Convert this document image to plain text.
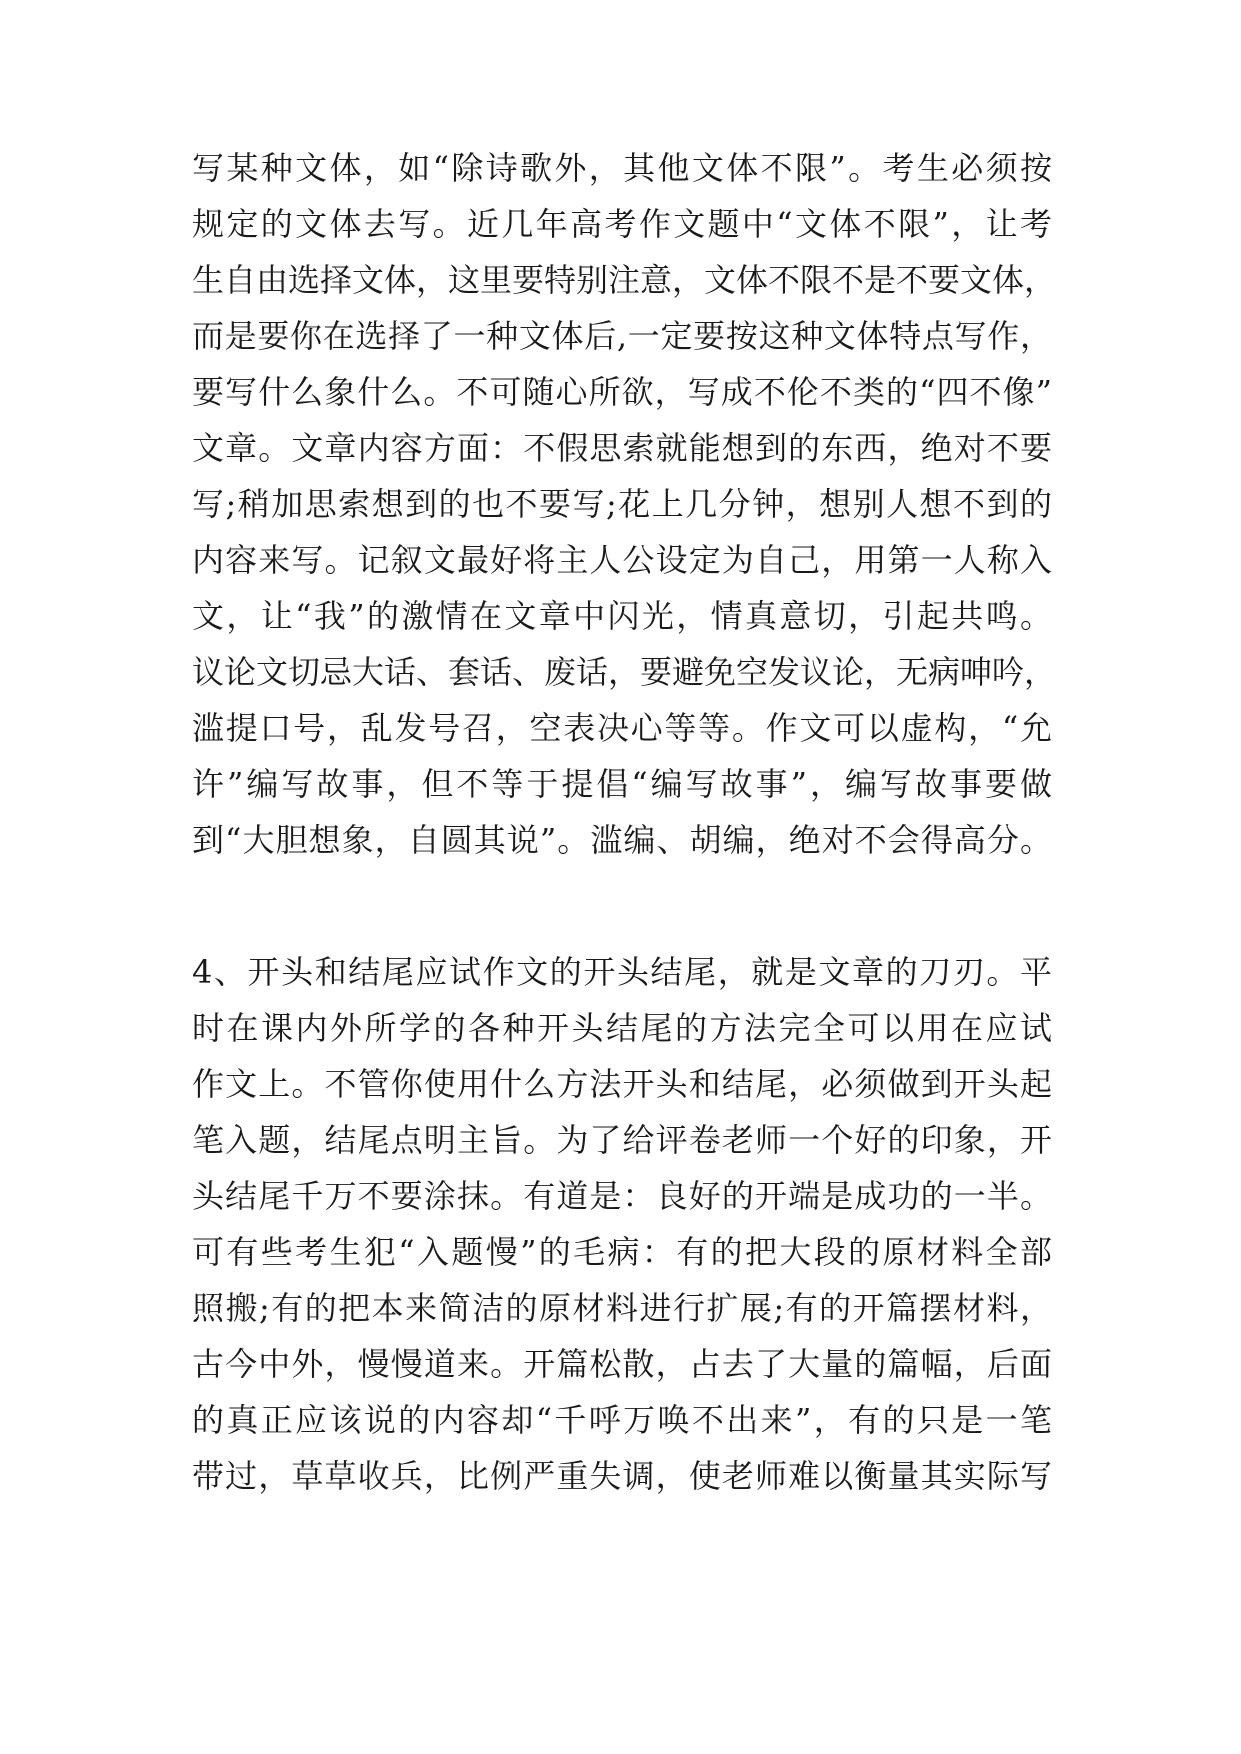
写某种文体，如“除诗歌外，其他文体不限”。考生必须按
规定的文体去写。近几年高考作文题中“文体不限”，让考
生自由选择文体，这里要特别注意，文体不限不是不要文体，
而是要你在选择了一种文体后,一定要按这种文体特点写作，
要写什么象什么。不可随心所欲，写成不伦不类的“四不像”
文章。文章内容方面：不假思索就能想到的东西，绝对不要
写;稍加思索想到的也不要写;花上几分钟，想别人想不到的
内容来写。记叙文最好将主人公设定为自己，用第一人称入
文，让“我”的激情在文章中闪光，情真意切，引起共鸣。
议论文切忌大话、套话、废话，要避免空发议论，无病呻吟，
滥提口号，乱发号召，空表决心等等。作文可以虚构，“允
许”编写故事，但不等于提倡“编写故事”，编写故事要做
到“大胆想象，自圆其说”。滥编、胡编，绝对不会得高分。
4、开头和结尾应试作文的开头结尾，就是文章的刀刃。平
时在课内外所学的各种开头结尾的方法完全可以用在应试
作文上。不管你使用什么方法开头和结尾，必须做到开头起
笔入题，结尾点明主旨。为了给评卷老师一个好的印象，开
头结尾千万不要涂抹。有道是：良好的开端是成功的一半。
可有些考生犯“入题慢”的毛病：有的把大段的原材料全部
照搬;有的把本来简洁的原材料进行扩展;有的开篇摆材料，
古今中外，慢慢道来。开篇松散，占去了大量的篇幅，后面
的真正应该说的内容却“千呼万唤不出来”，有的只是一笔
带过，草草收兵，比例严重失调，使老师难以衡量其实际写
